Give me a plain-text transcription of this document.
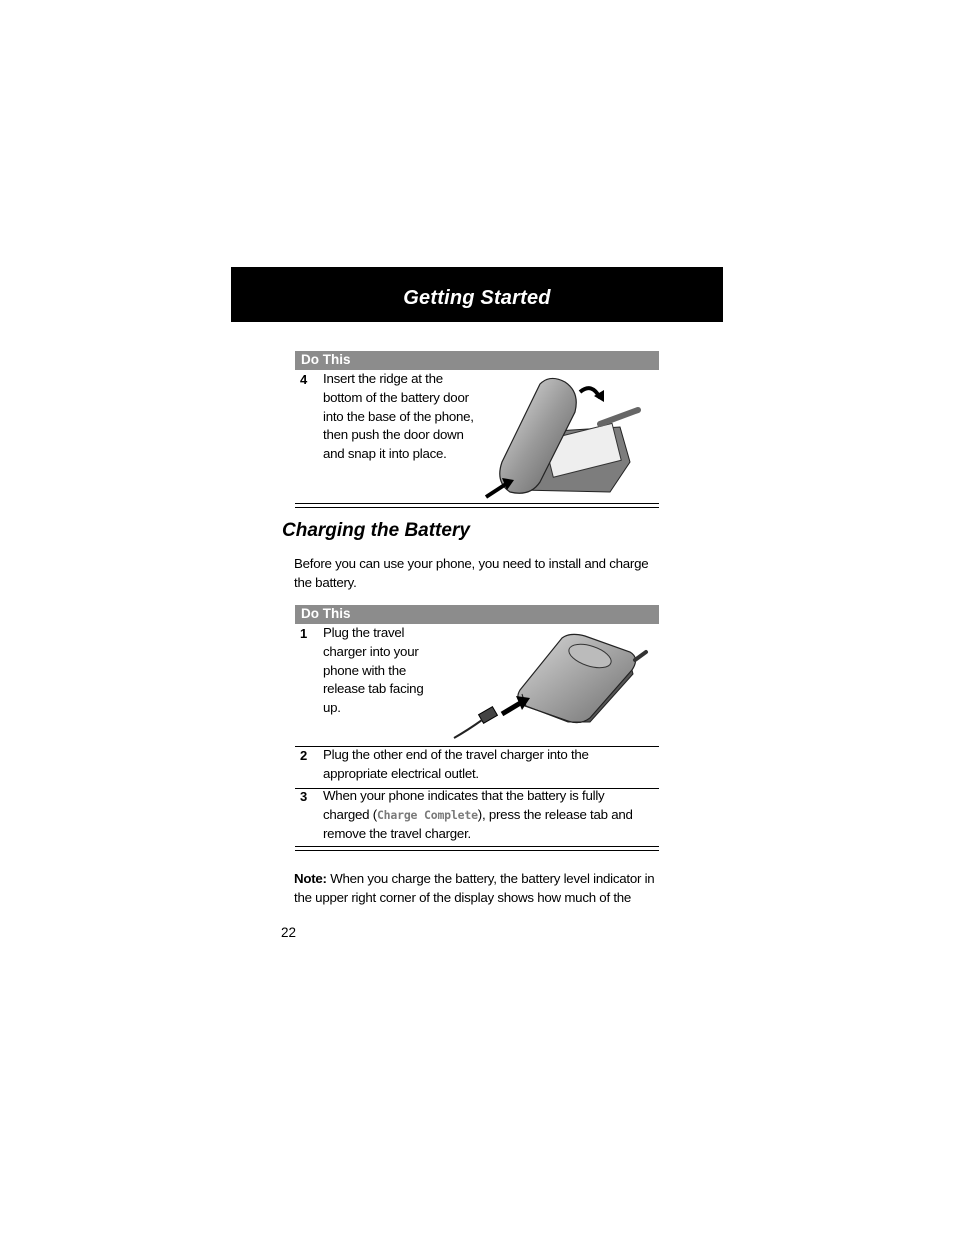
Getting Started
Do This
4 Insert the ridge at the bottom of the battery door into the base of the phone, then push the door down and snap it into place.
Charging the Battery
Before you can use your phone, you need to install and charge the battery.
Do This
1 Plug the travel charger into your phone with the release tab facing up.
2 Plug the other end of the travel charger into the appropriate electrical outlet.
3 When your phone indicates that the battery is fully charged (Charge Complete), press the release tab and remove the travel charger.
Note: When you charge the battery, the battery level indicator in the upper right corner of the display shows how much of the
22
